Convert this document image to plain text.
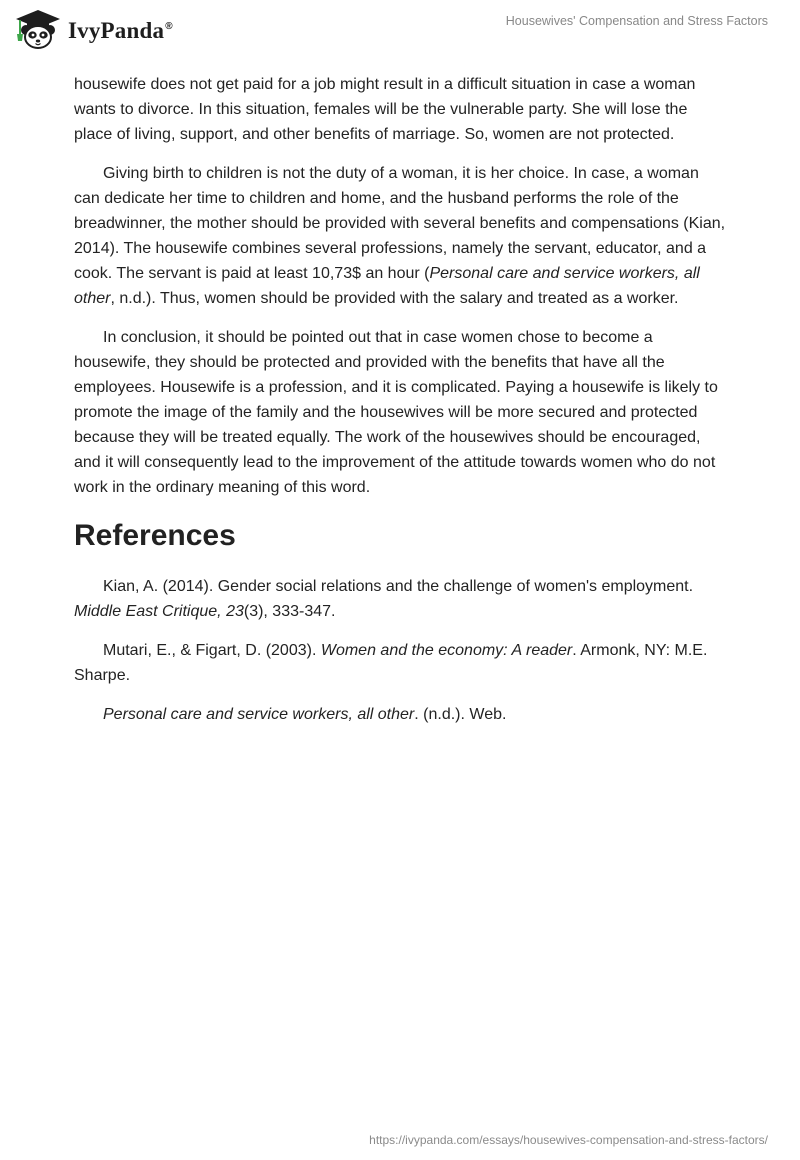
IvyPanda®	Housewives' Compensation and Stress Factors

housewife does not get paid for a job might result in a difficult situation in case a woman wants to divorce. In this situation, females will be the vulnerable party. She will lose the place of living, support, and other benefits of marriage. So, women are not protected.

Giving birth to children is not the duty of a woman, it is her choice. In case, a woman can dedicate her time to children and home, and the husband performs the role of the breadwinner, the mother should be provided with several benefits and compensations (Kian, 2014). The housewife combines several professions, namely the servant, educator, and a cook. The servant is paid at least 10,73$ an hour (Personal care and service workers, all other, n.d.). Thus, women should be provided with the salary and treated as a worker.

In conclusion, it should be pointed out that in case women chose to become a housewife, they should be protected and provided with the benefits that have all the employees. Housewife is a profession, and it is complicated. Paying a housewife is likely to promote the image of the family and the housewives will be more secured and protected because they will be treated equally. The work of the housewives should be encouraged, and it will consequently lead to the improvement of the attitude towards women who do not work in the ordinary meaning of this word.

References

Kian, A. (2014). Gender social relations and the challenge of women's employment. Middle East Critique, 23(3), 333-347.

Mutari, E., & Figart, D. (2003). Women and the economy: A reader. Armonk, NY: M.E. Sharpe.

Personal care and service workers, all other. (n.d.). Web.

https://ivypanda.com/essays/housewives-compensation-and-stress-factors/
